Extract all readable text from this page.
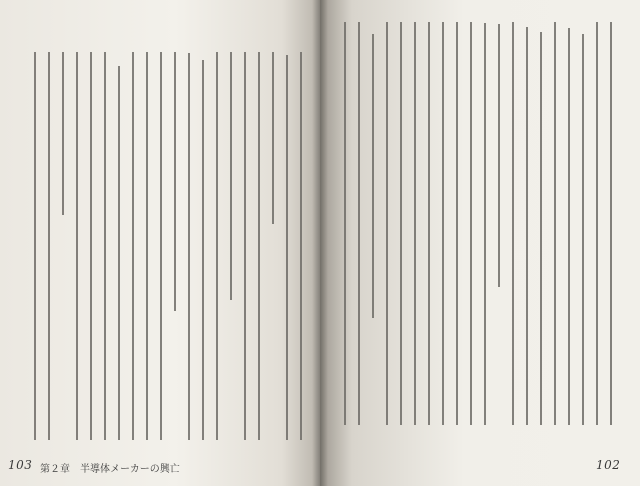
103 第２章　半導体メーカーの興亡	102
